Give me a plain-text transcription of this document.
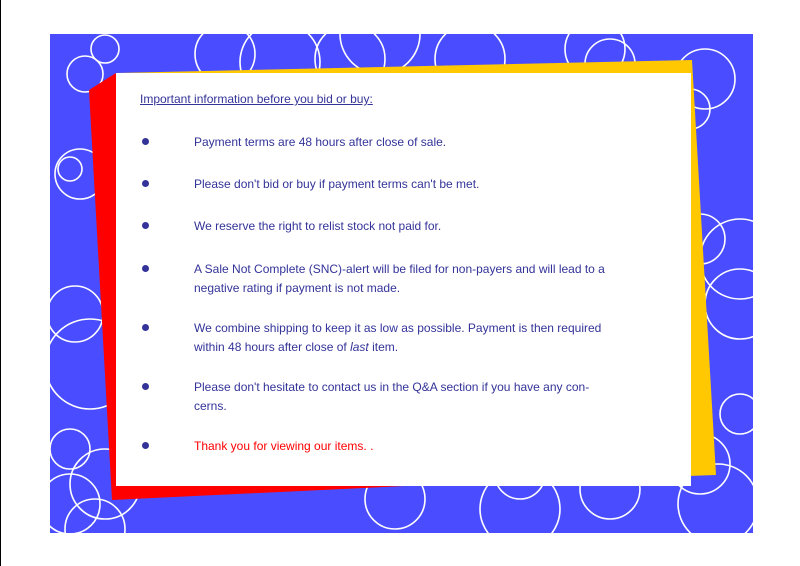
Important information before you bid or buy:

Payment terms are 48 hours after close of sale.
Please don't bid or buy if payment terms can't be met.
We reserve the right to relist stock not paid for.
A Sale Not Complete (SNC)-alert will be filed for non-payers and will lead to a
negative rating if payment is not made.
We combine shipping to keep it as low as possible. Payment is then required
within 48 hours after close of last item.
Please don't hesitate to contact us in the Q&A section if you have any con-
cerns.
Thank you for viewing our items. .
